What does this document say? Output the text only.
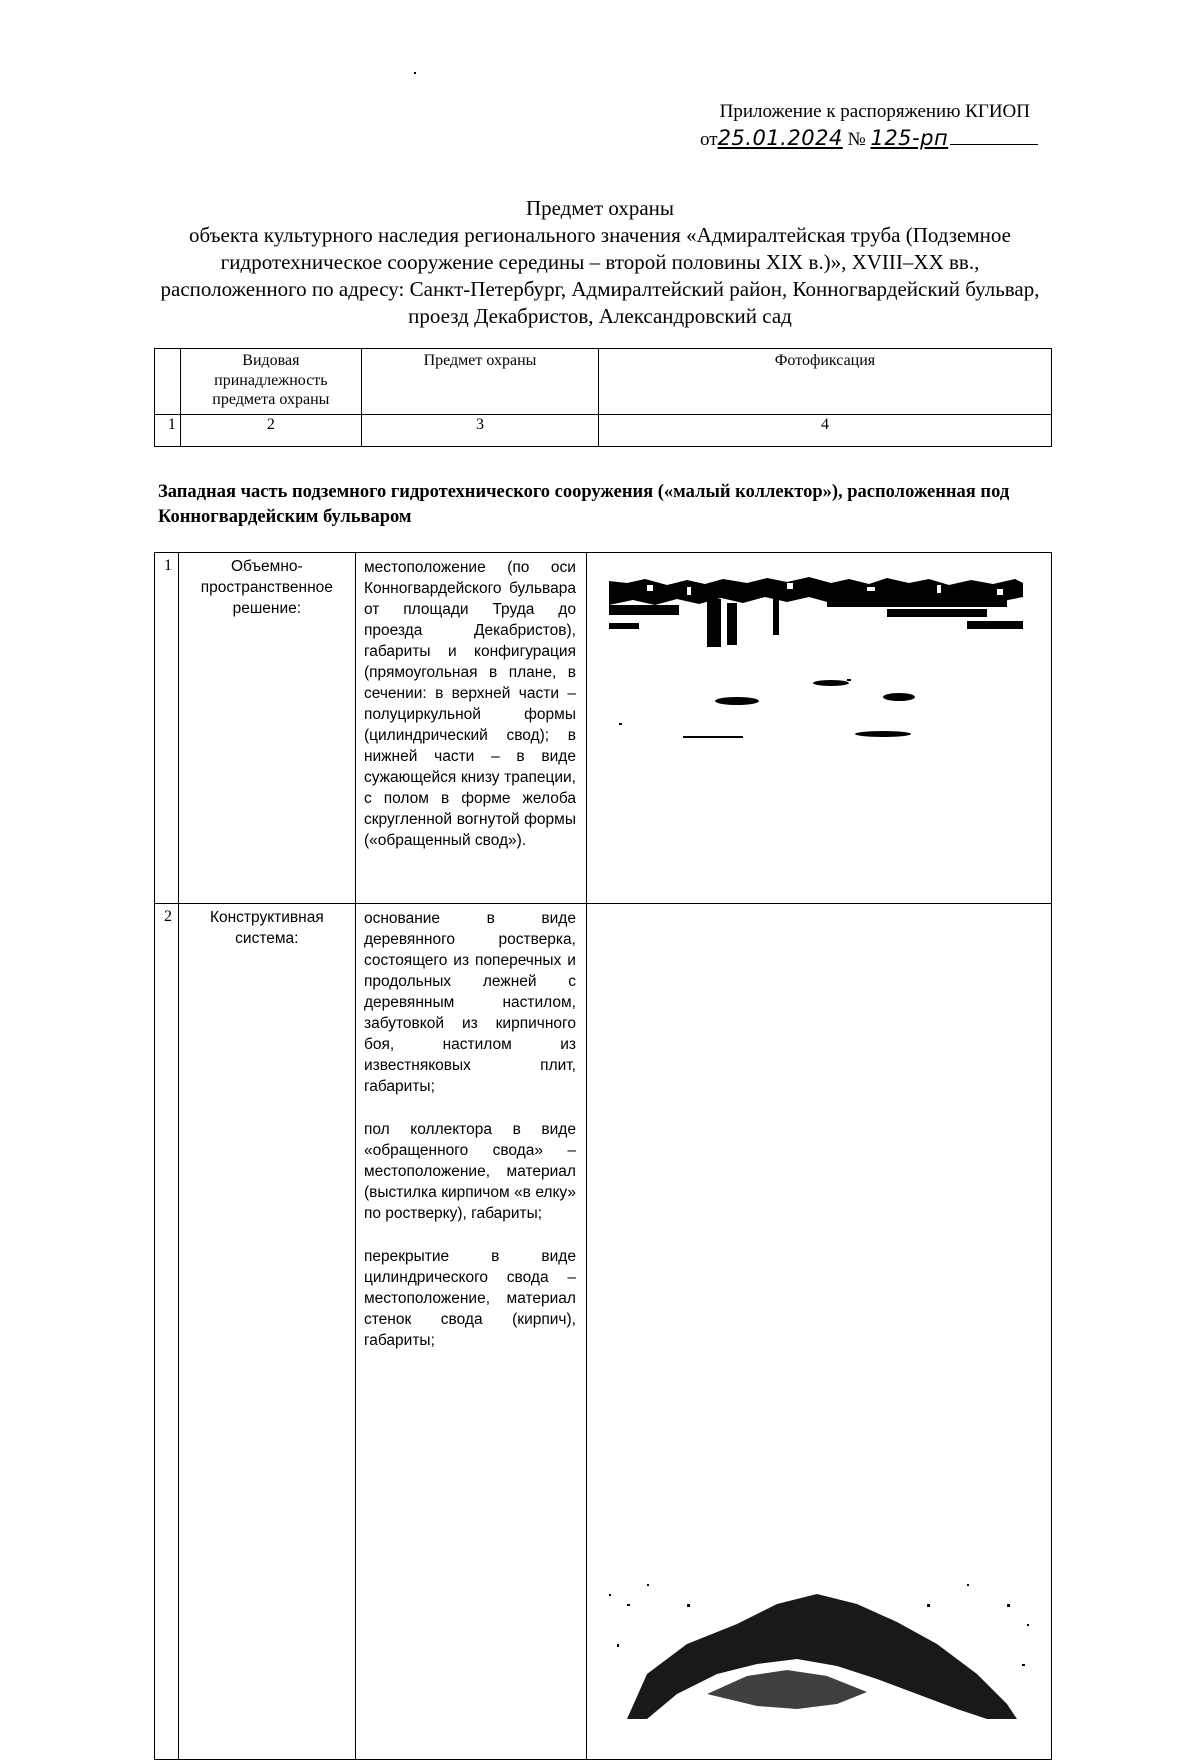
Приложение к распоряжению КГИОП
от25.01.2024 № 125-рп
Предмет охраны
объекта культурного наследия регионального значения «Адмиралтейская труба (Подземное гидротехническое сооружение середины – второй половины XIX в.)», XVIII–XX вв., расположенного по адресу: Санкт-Петербург, Адмиралтейский район, Конногвардейский бульвар, проезд Декабристов, Александровский сад
	Видовая принадлежность предмета охраны	Предмет охраны	Фотофиксация
1	2	3	4
Западная часть подземного гидротехнического сооружения («малый коллектор»), расположенная под Конногвардейским бульваром
1	Объемно-пространственное решение:	местоположение (по оси Конногвардейского бульвара от площади Труда до проезда Декабристов), габариты и конфигурация (прямоугольная в плане, в сечении: в верхней части – полуциркульной формы (цилиндрический свод); в нижней части – в виде сужающейся книзу трапеции, с полом в форме желоба скругленной вогнутой формы («обращенный свод»).

2	Конструктивная система:	основание в виде деревянного ростверка, состоящего из поперечных и продольных лежней с деревянным настилом, забутовкой из кирпичного боя, настилом из известняковых плит, габариты;

пол коллектора в виде «обращенного свода» – местоположение, материал (выстилка кирпичом «в елку» по ростверку), габариты;

перекрытие в виде цилиндрического свода – местоположение, материал стенок свода (кирпич), габариты;
